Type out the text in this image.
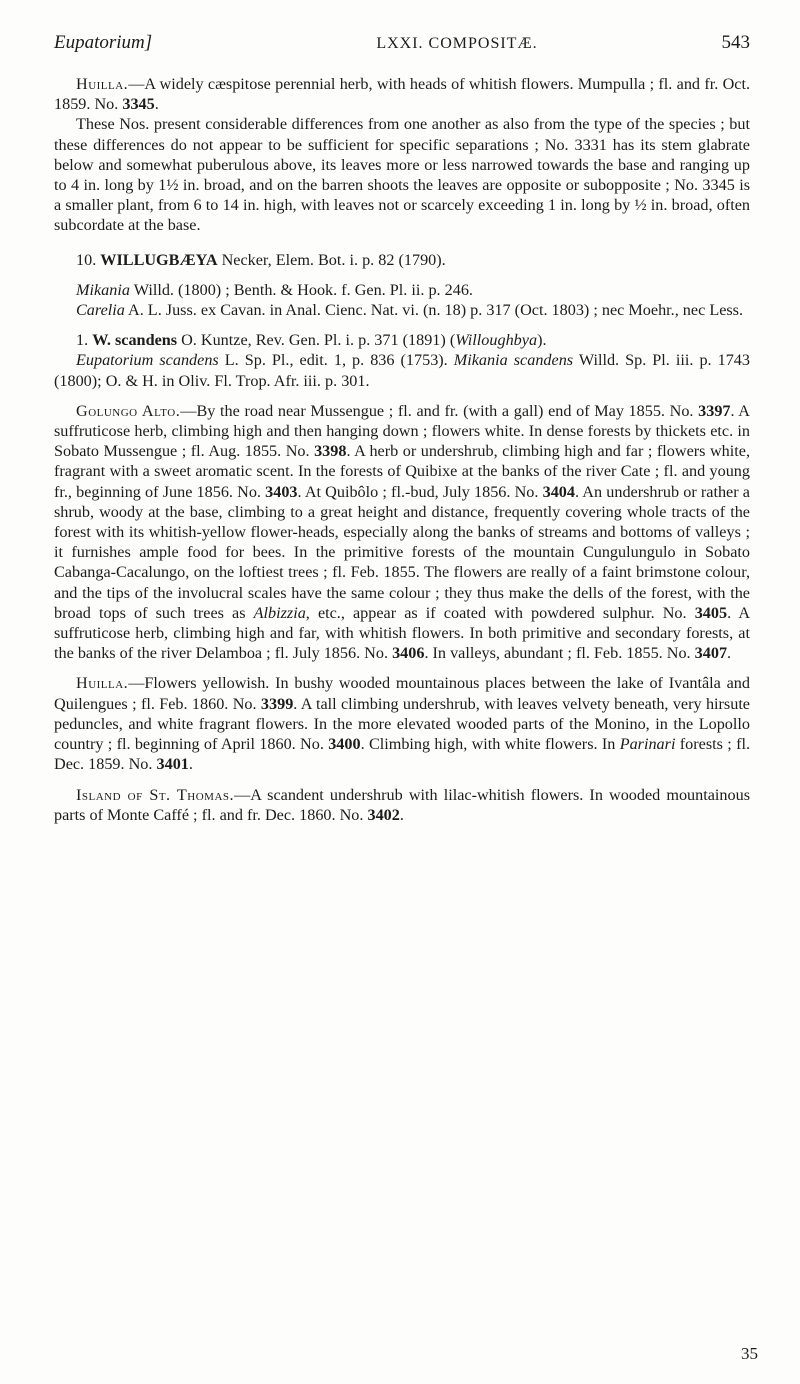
Eupatorium]	LXXI. COMPOSITÆ.	543

Huilla.—A widely cæspitose perennial herb, with heads of whitish flowers. Mumpulla ; fl. and fr. Oct. 1859. No. 3345.

These Nos. present considerable differences from one another as also from the type of the species ; but these differences do not appear to be sufficient for specific separations ; No. 3331 has its stem glabrate below and somewhat puberulous above, its leaves more or less narrowed towards the base and ranging up to 4 in. long by 1½ in. broad, and on the barren shoots the leaves are opposite or subopposite ; No. 3345 is a smaller plant, from 6 to 14 in. high, with leaves not or scarcely exceeding 1 in. long by ½ in. broad, often subcordate at the base.

10. WILLUGBÆYA Necker, Elem. Bot. i. p. 82 (1790).

Mikania Willd. (1800) ; Benth. & Hook. f. Gen. Pl. ii. p. 246.

Carelia A. L. Juss. ex Cavan. in Anal. Cienc. Nat. vi. (n. 18) p. 317 (Oct. 1803) ; nec Moehr., nec Less.

1. W. scandens O. Kuntze, Rev. Gen. Pl. i. p. 371 (1891) (Willoughbya).

Eupatorium scandens L. Sp. Pl., edit. 1, p. 836 (1753). Mikania scandens Willd. Sp. Pl. iii. p. 1743 (1800); O. & H. in Oliv. Fl. Trop. Afr. iii. p. 301.

Golungo Alto.—By the road near Mussengue ; fl. and fr. (with a gall) end of May 1855. No. 3397. A suffruticose herb, climbing high and then hanging down ; flowers white. In dense forests by thickets etc. in Sobato Mussengue ; fl. Aug. 1855. No. 3398. A herb or undershrub, climbing high and far ; flowers white, fragrant with a sweet aromatic scent. In the forests of Quibixe at the banks of the river Cate ; fl. and young fr., beginning of June 1856. No. 3403. At Quibôlo ; fl.-bud, July 1856. No. 3404. An undershrub or rather a shrub, woody at the base, climbing to a great height and distance, frequently covering whole tracts of the forest with its whitish-yellow flower-heads, especially along the banks of streams and bottoms of valleys ; it furnishes ample food for bees. In the primitive forests of the mountain Cungulungulo in Sobato Cabanga-Cacalungo, on the loftiest trees ; fl. Feb. 1855. The flowers are really of a faint brimstone colour, and the tips of the involucral scales have the same colour ; they thus make the dells of the forest, with the broad tops of such trees as Albizzia, etc., appear as if coated with powdered sulphur. No. 3405. A suffruticose herb, climbing high and far, with whitish flowers. In both primitive and secondary forests, at the banks of the river Delamboa ; fl. July 1856. No. 3406. In valleys, abundant ; fl. Feb. 1855. No. 3407.

Huilla.—Flowers yellowish. In bushy wooded mountainous places between the lake of Ivantâla and Quilengues ; fl. Feb. 1860. No. 3399. A tall climbing undershrub, with leaves velvety beneath, very hirsute peduncles, and white fragrant flowers. In the more elevated wooded parts of the Monino, in the Lopollo country ; fl. beginning of April 1860. No. 3400. Climbing high, with white flowers. In Parinari forests ; fl. Dec. 1859. No. 3401.

Island of St. Thomas.—A scandent undershrub with lilac-whitish flowers. In wooded mountainous parts of Monte Caffé ; fl. and fr. Dec. 1860. No. 3402.

35
